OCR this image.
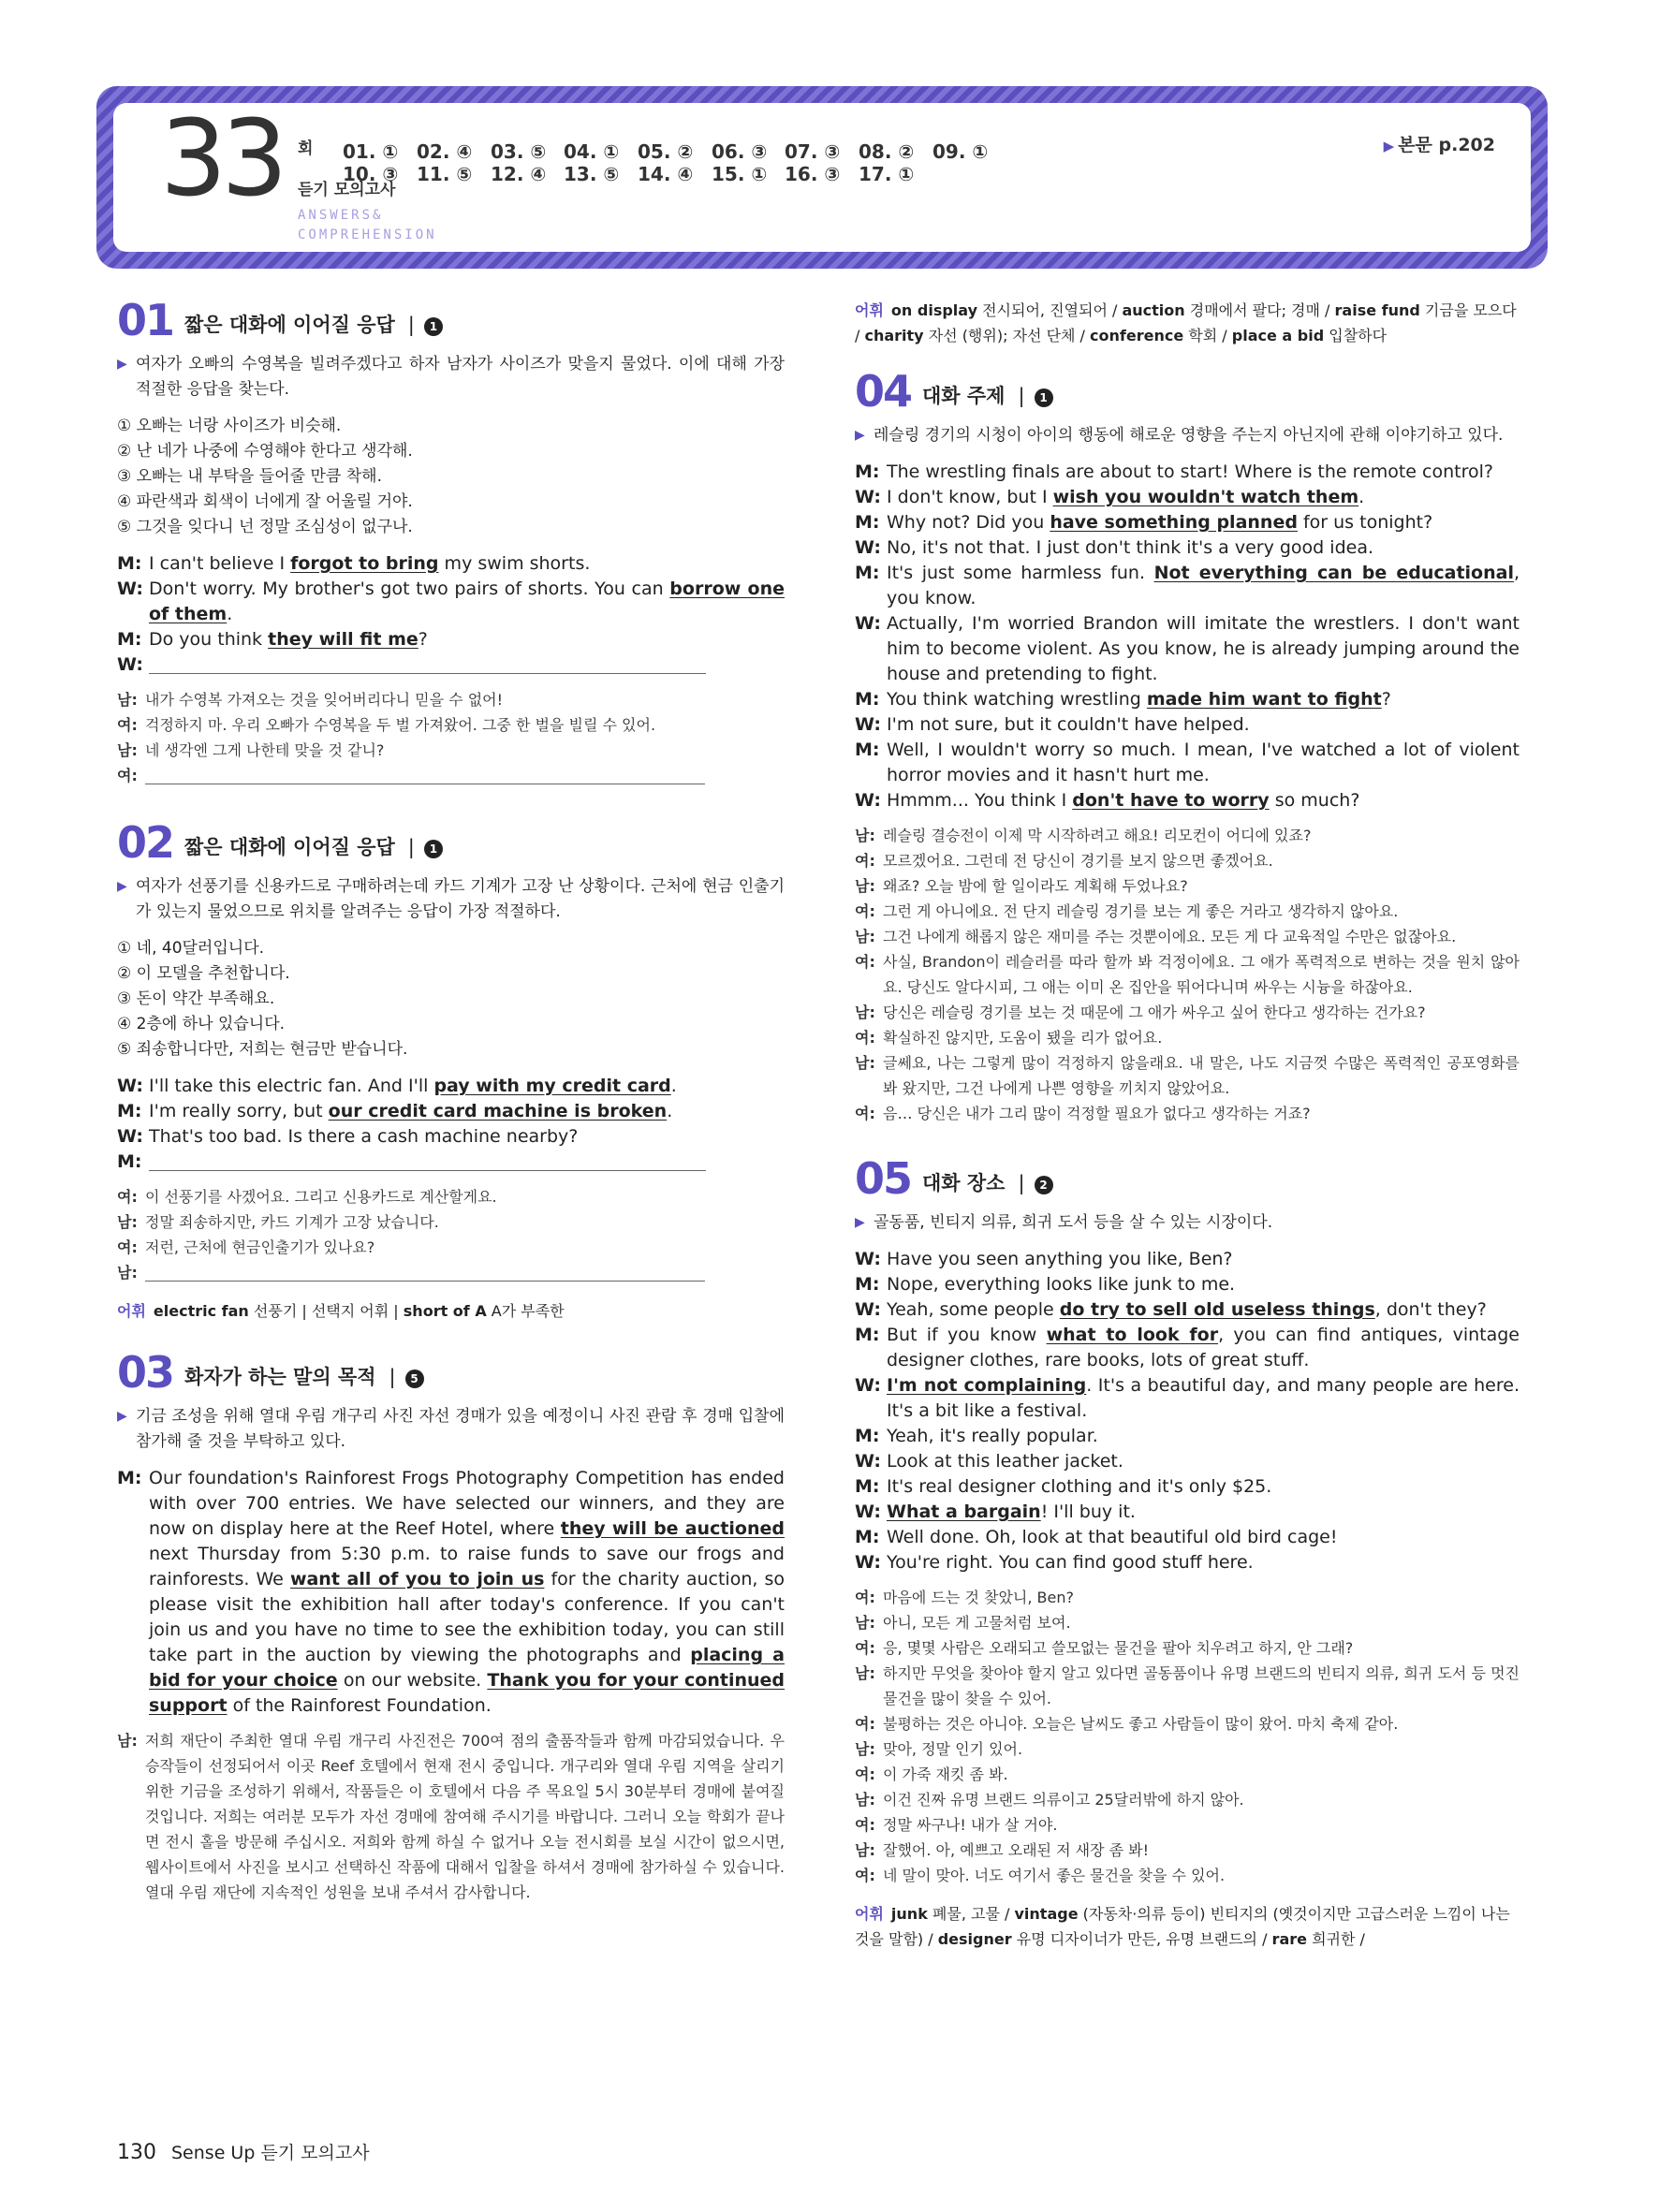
33 회
듣기 모의고사
ANSWERS&
COMPREHENSION
▶ 본문 p.202
01. ① 02. ④ 03. ⑤ 04. ① 05. ② 06. ③ 07. ③ 08. ② 09. ①
10. ③ 11. ⑤ 12. ④ 13. ⑤ 14. ④ 15. ① 16. ③ 17. ①
01 짧은 대화에 이어질 응답 | 1
▶ 여자가 오빠의 수영복을 빌려주겠다고 하자 남자가 사이즈가 맞을지 물었다. 이에 대해 가장 적절한 응답을 찾는다.
① 오빠는 너랑 사이즈가 비슷해.
② 난 네가 나중에 수영해야 한다고 생각해.
③ 오빠는 내 부탁을 들어줄 만큼 착해.
④ 파란색과 회색이 너에게 잘 어울릴 거야.
⑤ 그것을 잊다니 넌 정말 조심성이 없구나.
M: I can't believe I forgot to bring my swim shorts.
W: Don't worry. My brother's got two pairs of shorts. You can borrow one of them.
M: Do you think they will fit me?
W:
남: 내가 수영복 가져오는 것을 잊어버리다니 믿을 수 없어!
여: 걱정하지 마. 우리 오빠가 수영복을 두 벌 가져왔어. 그중 한 벌을 빌릴 수 있어.
남: 네 생각엔 그게 나한테 맞을 것 같니?
여:
02 짧은 대화에 이어질 응답 | 1
▶ 여자가 선풍기를 신용카드로 구매하려는데 카드 기계가 고장 난 상황이다. 근처에 현금 인출기가 있는지 물었으므로 위치를 알려주는 응답이 가장 적절하다.
① 네, 40달러입니다.
② 이 모델을 추천합니다.
③ 돈이 약간 부족해요.
④ 2층에 하나 있습니다.
⑤ 죄송합니다만, 저희는 현금만 받습니다.
W: I'll take this electric fan. And I'll pay with my credit card.
M: I'm really sorry, but our credit card machine is broken.
W: That's too bad. Is there a cash machine nearby?
M:
여: 이 선풍기를 사겠어요. 그리고 신용카드로 계산할게요.
남: 정말 죄송하지만, 카드 기계가 고장 났습니다.
여: 저런, 근처에 현금인출기가 있나요?
남:
어휘 electric fan 선풍기 | 선택지 어휘 | short of A A가 부족한
03 화자가 하는 말의 목적 | 5
▶ 기금 조성을 위해 열대 우림 개구리 사진 자선 경매가 있을 예정이니 사진 관람 후 경매 입찰에 참가해 줄 것을 부탁하고 있다.
M: Our foundation's Rainforest Frogs Photography Competition has ended with over 700 entries. We have selected our winners, and they are now on display here at the Reef Hotel, where they will be auctioned next Thursday from 5:30 p.m. to raise funds to save our frogs and rainforests. We want all of you to join us for the charity auction, so please visit the exhibition hall after today's conference. If you can't join us and you have no time to see the exhibition today, you can still take part in the auction by viewing the photographs and placing a bid for your choice on our website. Thank you for your continued support of the Rainforest Foundation.
남: 저희 재단이 주최한 열대 우림 개구리 사진전은 700여 점의 출품작들과 함께 마감되었습니다. 우승작들이 선정되어서 이곳 Reef 호텔에서 현재 전시 중입니다. 개구리와 열대 우림 지역을 살리기 위한 기금을 조성하기 위해서, 작품들은 이 호텔에서 다음 주 목요일 5시 30분부터 경매에 붙여질 것입니다. 저희는 여러분 모두가 자선 경매에 참여해 주시기를 바랍니다. 그러니 오늘 학회가 끝나면 전시 홀을 방문해 주십시오. 저희와 함께 하실 수 없거나 오늘 전시회를 보실 시간이 없으시면, 웹사이트에서 사진을 보시고 선택하신 작품에 대해서 입찰을 하셔서 경매에 참가하실 수 있습니다. 열대 우림 재단에 지속적인 성원을 보내 주셔서 감사합니다.
어휘 on display 전시되어, 진열되어 / auction 경매에서 팔다; 경매 / raise fund 기금을 모으다 / charity 자선 (행위); 자선 단체 / conference 학회 / place a bid 입찰하다
04 대화 주제 | 1
▶ 레슬링 경기의 시청이 아이의 행동에 해로운 영향을 주는지 아닌지에 관해 이야기하고 있다.
M: The wrestling finals are about to start! Where is the remote control?
W: I don't know, but I wish you wouldn't watch them.
M: Why not? Did you have something planned for us tonight?
W: No, it's not that. I just don't think it's a very good idea.
M: It's just some harmless fun. Not everything can be educational, you know.
W: Actually, I'm worried Brandon will imitate the wrestlers. I don't want him to become violent. As you know, he is already jumping around the house and pretending to fight.
M: You think watching wrestling made him want to fight?
W: I'm not sure, but it couldn't have helped.
M: Well, I wouldn't worry so much. I mean, I've watched a lot of violent horror movies and it hasn't hurt me.
W: Hmmm... You think I don't have to worry so much?
남: 레슬링 결승전이 이제 막 시작하려고 해요! 리모컨이 어디에 있죠?
여: 모르겠어요. 그런데 전 당신이 경기를 보지 않으면 좋겠어요.
남: 왜죠? 오늘 밤에 할 일이라도 계획해 두었나요?
여: 그런 게 아니에요. 전 단지 레슬링 경기를 보는 게 좋은 거라고 생각하지 않아요.
남: 그건 나에게 해롭지 않은 재미를 주는 것뿐이에요. 모든 게 다 교육적일 수만은 없잖아요.
여: 사실, Brandon이 레슬러를 따라 할까 봐 걱정이에요. 그 애가 폭력적으로 변하는 것을 원치 않아요. 당신도 알다시피, 그 애는 이미 온 집안을 뛰어다니며 싸우는 시늉을 하잖아요.
남: 당신은 레슬링 경기를 보는 것 때문에 그 애가 싸우고 싶어 한다고 생각하는 건가요?
여: 확실하진 않지만, 도움이 됐을 리가 없어요.
남: 글쎄요, 나는 그렇게 많이 걱정하지 않을래요. 내 말은, 나도 지금껏 수많은 폭력적인 공포영화를 봐 왔지만, 그건 나에게 나쁜 영향을 끼치지 않았어요.
여: 음… 당신은 내가 그리 많이 걱정할 필요가 없다고 생각하는 거죠?
05 대화 장소 | 2
▶ 골동품, 빈티지 의류, 희귀 도서 등을 살 수 있는 시장이다.
W: Have you seen anything you like, Ben?
M: Nope, everything looks like junk to me.
W: Yeah, some people do try to sell old useless things, don't they?
M: But if you know what to look for, you can find antiques, vintage designer clothes, rare books, lots of great stuff.
W: I'm not complaining. It's a beautiful day, and many people are here. It's a bit like a festival.
M: Yeah, it's really popular.
W: Look at this leather jacket.
M: It's real designer clothing and it's only $25.
W: What a bargain! I'll buy it.
M: Well done. Oh, look at that beautiful old bird cage!
W: You're right. You can find good stuff here.
여: 마음에 드는 것 찾았니, Ben?
남: 아니, 모든 게 고물처럼 보여.
여: 응, 몇몇 사람은 오래되고 쓸모없는 물건을 팔아 치우려고 하지, 안 그래?
남: 하지만 무엇을 찾아야 할지 알고 있다면 골동품이나 유명 브랜드의 빈티지 의류, 희귀 도서 등 멋진 물건을 많이 찾을 수 있어.
여: 불평하는 것은 아니야. 오늘은 날씨도 좋고 사람들이 많이 왔어. 마치 축제 같아.
남: 맞아, 정말 인기 있어.
여: 이 가죽 재킷 좀 봐.
남: 이건 진짜 유명 브랜드 의류이고 25달러밖에 하지 않아.
여: 정말 싸구나! 내가 살 거야.
남: 잘했어. 아, 예쁘고 오래된 저 새장 좀 봐!
여: 네 말이 맞아. 너도 여기서 좋은 물건을 찾을 수 있어.
어휘 junk 폐물, 고물 / vintage (자동차·의류 등이) 빈티지의 (옛것이지만 고급스러운 느낌이 나는 것을 말함) / designer 유명 디자이너가 만든, 유명 브랜드의 / rare 희귀한 /
130 Sense Up 듣기 모의고사
